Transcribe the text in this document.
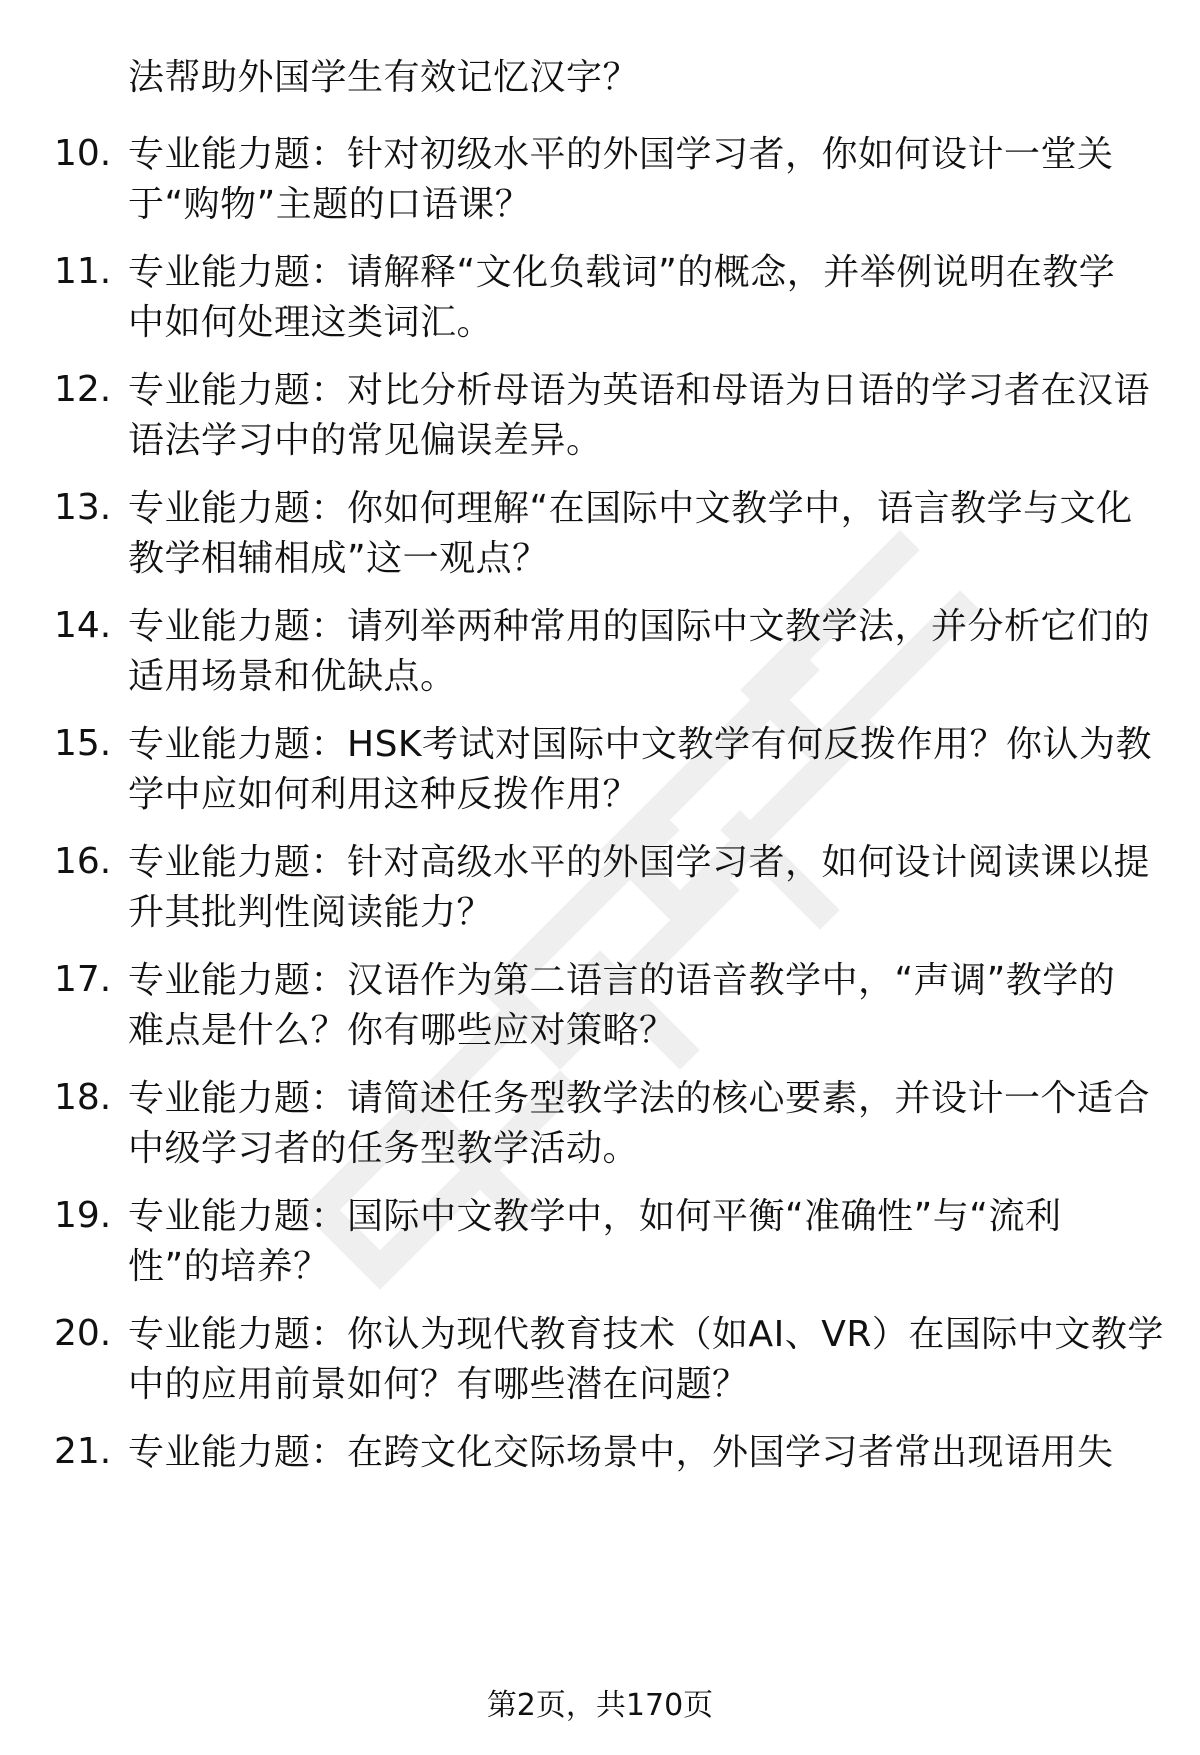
法帮助外国学生有效记忆汉字？
10. 专业能力题：针对初级水平的外国学习者，你如何设计一堂关
于“购物”主题的口语课？
11. 专业能力题：请解释“文化负载词”的概念，并举例说明在教学
中如何处理这类词汇。
12. 专业能力题：对比分析母语为英语和母语为日语的学习者在汉语
语法学习中的常见偏误差异。
13. 专业能力题：你如何理解“在国际中文教学中，语言教学与文化
教学相辅相成”这一观点？
14. 专业能力题：请列举两种常用的国际中文教学法，并分析它们的
适用场景和优缺点。
15. 专业能力题：HSK考试对国际中文教学有何反拨作用？你认为教
学中应如何利用这种反拨作用？
16. 专业能力题：针对高级水平的外国学习者，如何设计阅读课以提
升其批判性阅读能力？
17. 专业能力题：汉语作为第二语言的语音教学中，“声调”教学的
难点是什么？你有哪些应对策略？
18. 专业能力题：请简述任务型教学法的核心要素，并设计一个适合
中级学习者的任务型教学活动。
19. 专业能力题：国际中文教学中，如何平衡“准确性”与“流利
性”的培养？
20. 专业能力题：你认为现代教育技术（如AI、VR）在国际中文教学
中的应用前景如何？有哪些潜在问题？
21. 专业能力题：在跨文化交际场景中，外国学习者常出现语用失
第2页，共170页
